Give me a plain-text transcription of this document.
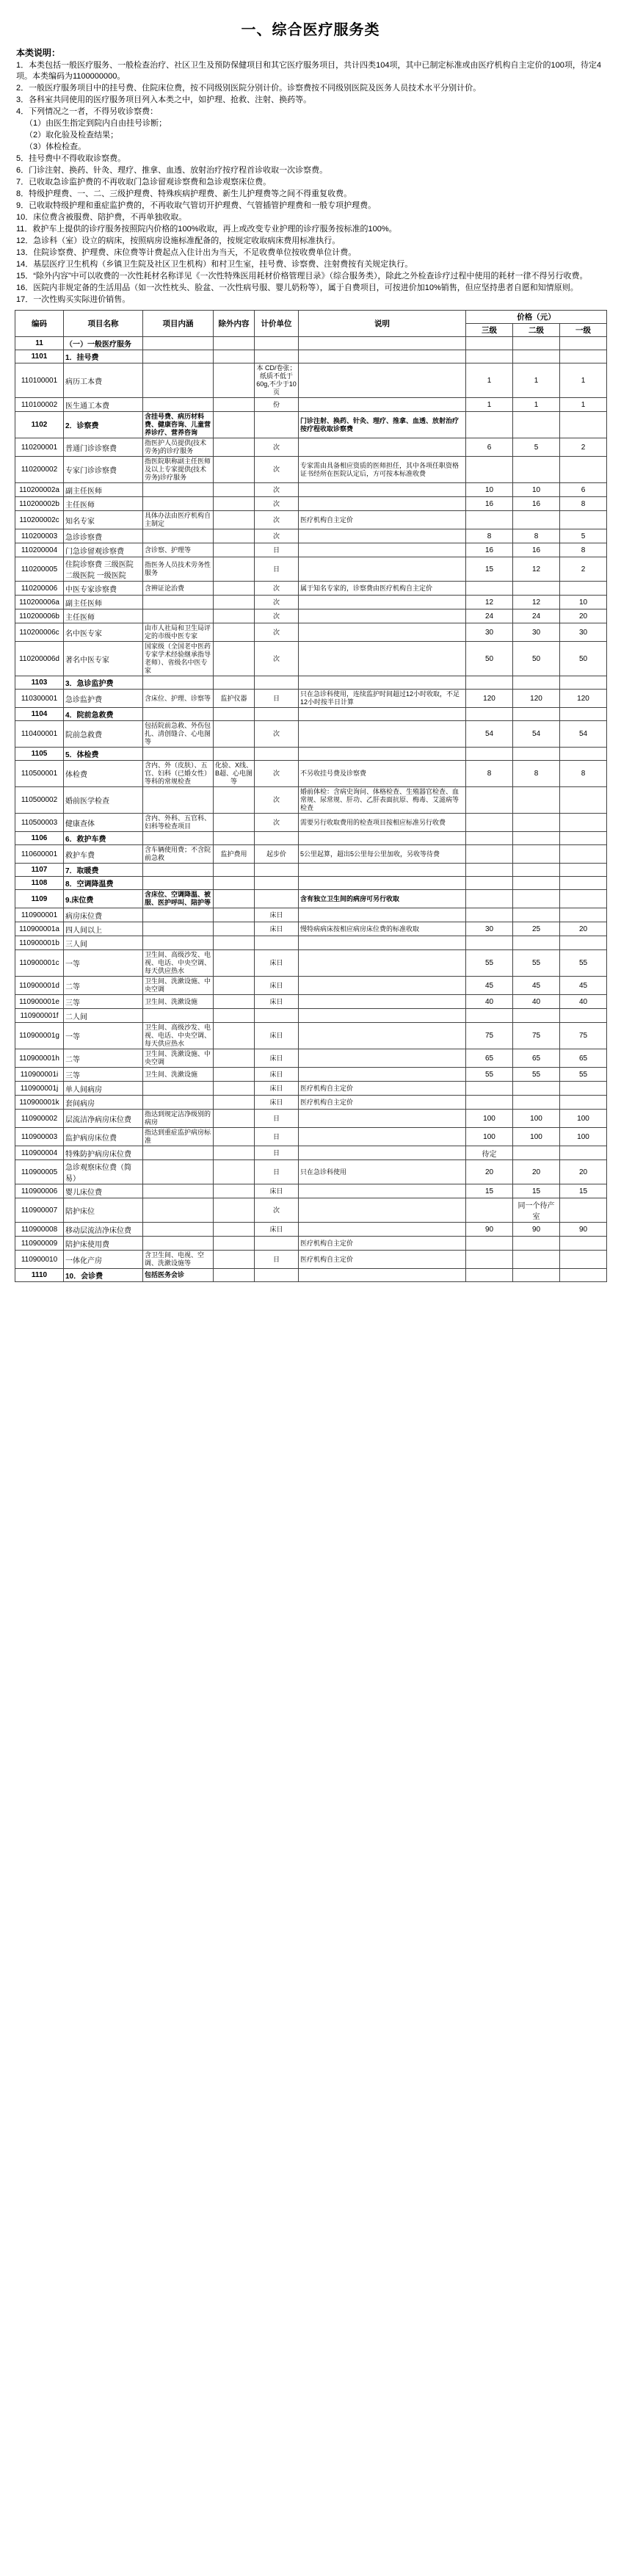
一、综合医疗服务类
本类说明：

1．本类包括一般医疗服务、一般检查治疗、社区卫生及预防保健项目和其它医疗服务项目，共计四类104项，其中已制定标准或由医疗机构自主定价的100项，待定4项。本类编码为1100000000。

2．一般医疗服务项目中的挂号费、住院床位费，按不同级别医院分别计价。诊察费按不同级别医院及医务人员技术水平分别计价。

3．各科室共同使用的医疗服务项目列入本类之中，如护理、抢救、注射、换药等。

4．下列情况之一者，不得另收诊察费：

（1）由医生指定到院内自由挂号诊断；

（2）取化验及检查结果；

（3）体检检查。

5．挂号费中不得收取诊察费。

6．门诊注射、换药、针灸、理疗、推拿、血透、放射治疗按疗程首诊收取一次诊察费。

7．已收取急诊监护费的不再收取门急诊留观诊察费和急诊观察床位费。

8．特级护理费、一、二、三级护理费、特殊疾病护理费、新生儿护理费等之间不得重复收费。

9．已收取特级护理和重症监护费的，不再收取气管切开护理费、气管插管护理费和一般专项护理费。

10．床位费含被服费、陪护费，不再单独收取。

11．救护车上提供的诊疗服务按照院内价格的100%收取，再上或改变专业护理的诊疗服务按标准的100%。

12．急诊科（室）设立的病床，按照病房设施标准配备的，按规定收取病床费用标准执行。

13．住院诊察费、护理费、床位费等计费起点入住计出为当天，不足收费单位按收费单位计费。

14．基层医疗卫生机构（乡镇卫生院及社区卫生机构）和村卫生室，挂号费、诊察费、注射费按有关规定执行。

15．“除外内容”中可以收费的一次性耗材名称详见《一次性特殊医用耗材价格管理目录》（综合服务类），除此之外检查诊疗过程中使用的耗材一律不得另行收费。

16．医院内非规定备的生活用品（如一次性枕头、脸盆、一次性病号服、婴儿奶粉等），属于自费项目，可按进价加10%销售，但应坚持患者自愿和知情原则。

17．一次性购买实际进价销售。

编码	项目名称	项目内涵	除外内容	计价单位	说明	价格（元）		
						三级	二级	一级
11	（一）一般医疗服务							
1101	1．挂号费							
110100001	病历工本费			本 CD/卷张；纸质不低于60g,不少于10页		1	1	1
110100002	医生通工本费			份		1	1	1
1102	2．诊察费	含挂号费、病历材料费、健康咨询、儿童营养诊疗、营养咨询			门诊注射、换药、针灸、理疗、推拿、血透、放射治疗按疗程收取诊察费			
110200001	普通门诊诊察费	指医护人员提供(技术劳务)的诊疗服务		次		6	5	2
110200002	专家门诊诊察费	指医院职称副主任医师及以上专家提供(技术劳务)诊疗服务		次	专家需由具备相应资质的医师担任，其中各项任职资格证书经所在医院认定后，方可按本标准收费			
110200002a	副主任医师			次		10	10	6
110200002b	主任医师			次		16	16	8
110200002c	知名专家	具体办法由医疗机构自主制定		次	医疗机构自主定价			
110200003	急诊诊察费			次		8	8	5
110200004	门急诊留观诊察费	含诊察、护理等		日		16	16	8
110200005	住院诊察费 三级医院 二级医院 一级医院	指医务人员技术劳务性服务		日		15	12	2
110200006	中医专家诊察费	含辨证论治费		次	属于知名专家的，诊察费由医疗机构自主定价			
110200006a	副主任医师			次		12	12	10
110200006b	主任医师			次		24	24	20
110200006c	名中医专家	由市人社局和卫生局评定的市级中医专家		次		30	30	30
110200006d	著名中医专家	国家级（全国老中医药专家学术经验继承指导老师）、省级名中医专家		次		50	50	50
1103	3．急诊监护费							
110300001	急诊监护费	含床位、护理、诊察等	监护仪器	日	只在急诊科使用，连续监护时间超过12小时收取，不足12小时按半日计算	120	120	120
1104	4．院前急救费							
110400001	院前急救费	包括院前急救、外伤包扎、清创缝合、心电图等		次		54	54	54
1105	5．体检费							
110500001	体检费	含内、外（皮肤）、五官、妇科（已婚女性）等科的常规检查	化验、X线、B超、心电图等	次	不另收挂号费及诊察费	8	8	8
110500002	婚前医学检查			次	婚前体检：含病史询问、体格检查、生殖器官检查、血常规、尿常规、肝功、乙肝表面抗原、梅毒、艾滋病等检查			
110500003	健康查体	含内、外科、五官科、妇科等检查项目		次	需要另行收取费用的检查项目按相应标准另行收费			
1106	6．救护车费							
110600001	救护车费	含车辆使用费；不含院前急救	监护费用	起步价	5公里起算，超出5公里每公里加收，另收等待费			
1107	7．取暖费							
1108	8．空调降温费							
1109	9.床位费	含床位、空调降温、被服、医护呼叫、陪护等			含有独立卫生间的病房可另行收取			
110900001	病房床位费			床日				
110900001a	四人间以上			床日	慢特病病床按相应病房床位费的标准收取	30	25	20
110900001b	三人间							
110900001c	一等	卫生间、高级沙发、电视、电话、中央空调、每天供应热水		床日		55	55	55
110900001d	二等	卫生间、洗漱设施、中央空调		床日		45	45	45
110900001e	三等	卫生间、洗漱设施		床日		40	40	40
110900001f	二人间							
110900001g	一等	卫生间、高级沙发、电视、电话、中央空调、每天供应热水		床日		75	75	75
110900001h	二等	卫生间、洗漱设施、中央空调		床日		65	65	65
110900001i	三等	卫生间、洗漱设施		床日		55	55	55
110900001j	单人间病房			床日	医疗机构自主定价			
110900001k	套间病房			床日	医疗机构自主定价			
110900002	层流洁净病房床位费	指达到规定洁净级别的病房		日		100	100	100
110900003	监护病房床位费	指达到重症监护病房标准		日		100	100	100
110900004	特殊防护病房床位费			日		待定		
110900005	急诊观察床位费（简易）			日	只在急诊科使用	20	20	20
110900006	婴儿床位费			床日		15	15	15
110900007	陪护床位			次			同一个待产室	
110900008	移动层流洁净床位费			床日		90	90	90
110900009	陪护床使用费				医疗机构自主定价			
110900010	一体化产房	含卫生间、电视、空调、洗漱设施等		日	医疗机构自主定价			
1110	10．会诊费	包括医务会诊						
